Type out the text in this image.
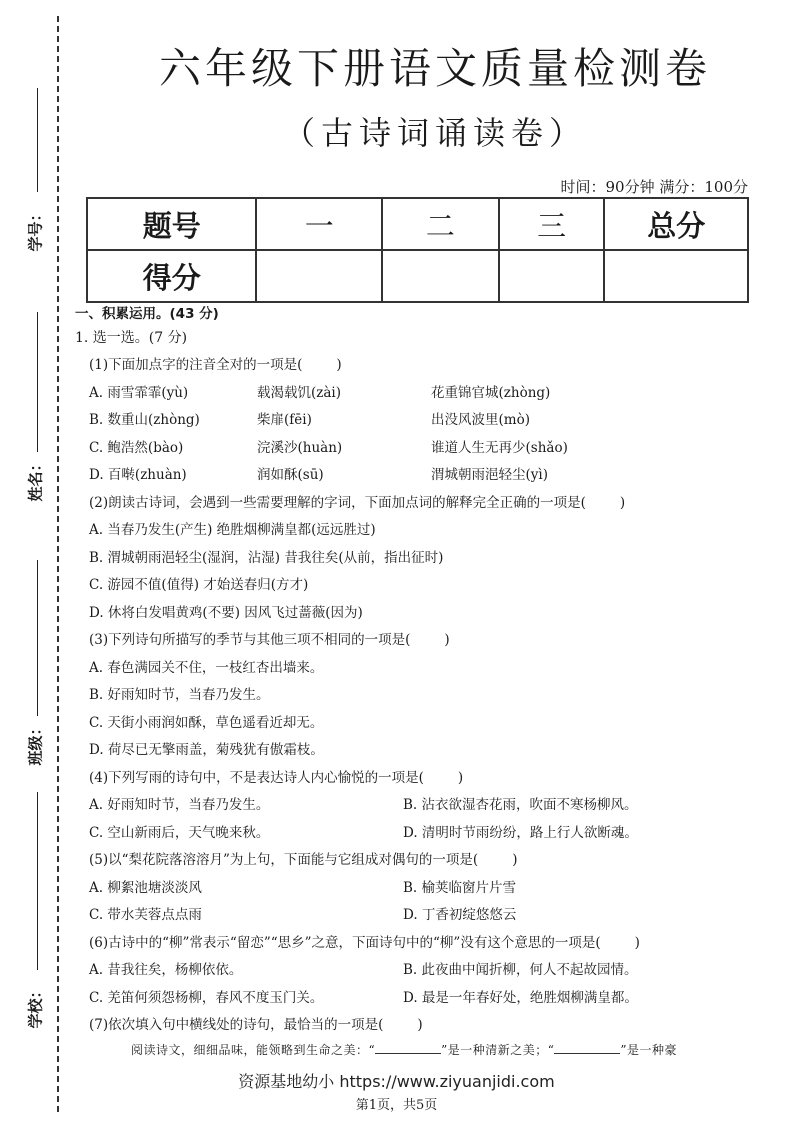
学号：
姓名：
班级：
学校：
六年级下册语文质量检测卷
（古诗词诵读卷）
时间：90分钟 满分：100分
题号	一	二	三	总分
得分				
一、积累运用。(43 分)
1. 选一选。(7 分)
(1)下面加点字的注音全对的一项是(	)
A. 雨雪霏霏(yù)	载渴载饥(zài)	花重锦官城(zhòng)
B. 数重山(zhòng)	柴扉(fēi)	出没风波里(mò)
C. 鲍浩然(bào)	浣溪沙(huàn)	谁道人生无再少(shǎo)
D. 百啭(zhuàn)	润如酥(sū)	渭城朝雨浥轻尘(yì)
(2)朗读古诗词，会遇到一些需要理解的字词，下面加点词的解释完全正确的一项是(	)
A. 当春乃发生(产生) 绝胜烟柳满皇都(远远胜过)
B. 渭城朝雨浥轻尘(湿润，沾湿) 昔我往矣(从前，指出征时)
C. 游园不值(值得) 才始送春归(方才)
D. 休将白发唱黄鸡(不要) 因风飞过蔷薇(因为)
(3)下列诗句所描写的季节与其他三项不相同的一项是(	)
A. 春色满园关不住，一枝红杏出墙来。
B. 好雨知时节，当春乃发生。
C. 天街小雨润如酥，草色遥看近却无。
D. 荷尽已无擎雨盖，菊残犹有傲霜枝。
(4)下列写雨的诗句中，不是表达诗人内心愉悦的一项是(	)
A. 好雨知时节，当春乃发生。	B. 沾衣欲湿杏花雨，吹面不寒杨柳风。
C. 空山新雨后，天气晚来秋。	D. 清明时节雨纷纷，路上行人欲断魂。
(5)以“梨花院落溶溶月”为上句，下面能与它组成对偶句的一项是(	)
A. 柳絮池塘淡淡风	B. 榆荚临窗片片雪
C. 带水芙蓉点点雨	D. 丁香初绽悠悠云
(6)古诗中的“柳”常表示“留恋”“思乡”之意，下面诗句中的“柳”没有这个意思的一项是(	)
A. 昔我往矣，杨柳依依。	B. 此夜曲中闻折柳，何人不起故园情。
C. 羌笛何须怨杨柳，春风不度玉门关。	D. 最是一年春好处，绝胜烟柳满皇都。
(7)依次填入句中横线处的诗句，最恰当的一项是(	)
阅读诗文，细细品味，能领略到生命之美：“	”是一种清新之美；“	”是一种豪
资源基地幼小 https://www.ziyuanjidi.com
第1页，共5页
